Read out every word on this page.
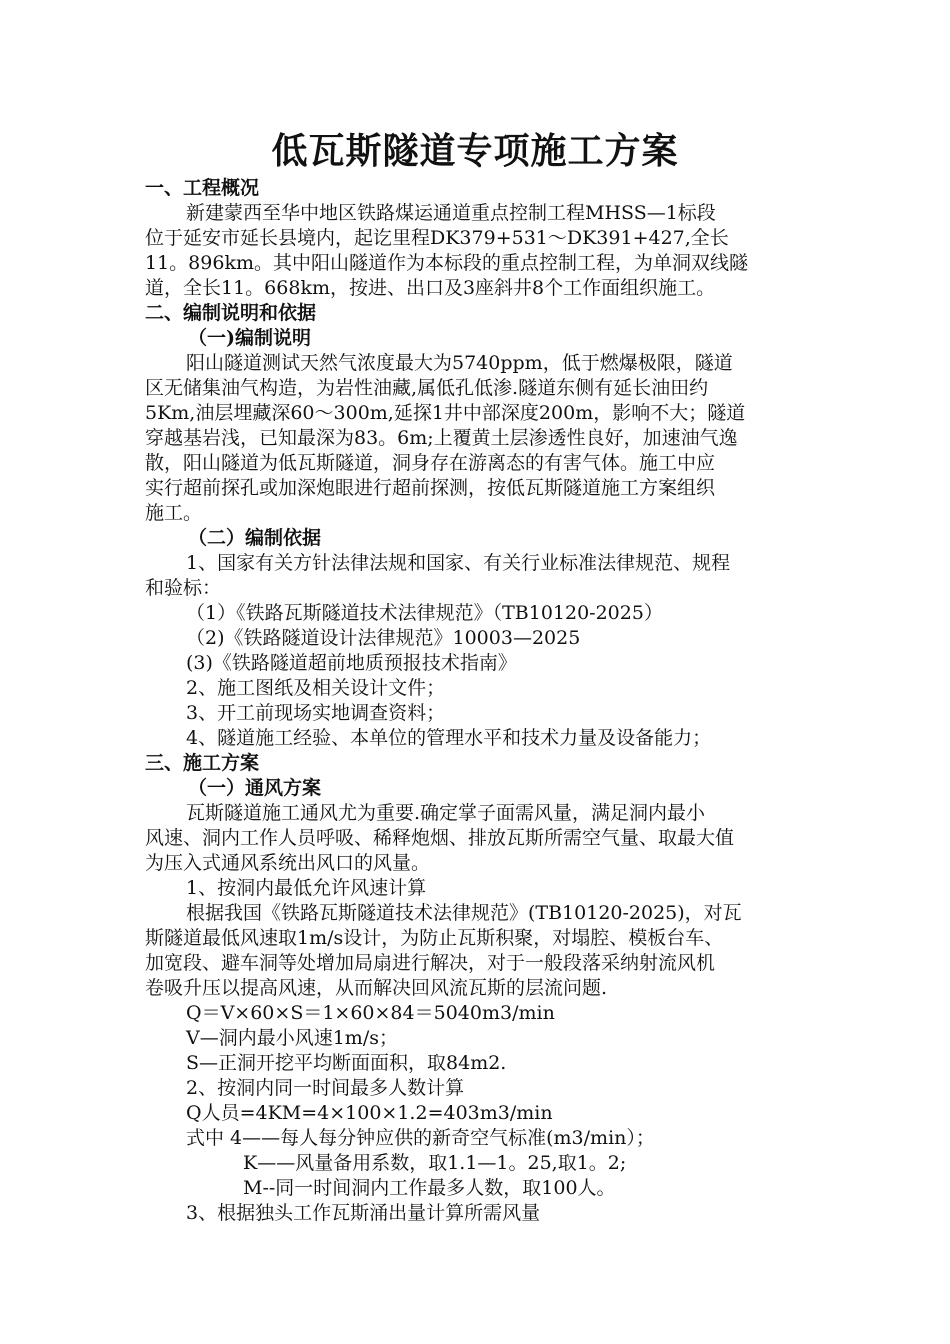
低瓦斯隧道专项施工方案
一、工程概况
新建蒙西至华中地区铁路煤运通道重点控制工程MHSS—1标段
位于延安市延长县境内，起讫里程DK379+531～DK391+427,全长
11。896km。其中阳山隧道作为本标段的重点控制工程，为单洞双线隧
道，全长11。668km，按进、出口及3座斜井8个工作面组织施工。
二、编制说明和依据
（一)编制说明
阳山隧道测试天然气浓度最大为5740ppm，低于燃爆极限，隧道
区无储集油气构造，为岩性油藏,属低孔低渗.隧道东侧有延长油田约
5Km,油层埋藏深60～300m,延探1井中部深度200m，影响不大；隧道
穿越基岩浅，已知最深为83。6m;上覆黄土层渗透性良好，加速油气逸
散，阳山隧道为低瓦斯隧道，洞身存在游离态的有害气体。施工中应
实行超前探孔或加深炮眼进行超前探测，按低瓦斯隧道施工方案组织
施工。
（二）编制依据
1、国家有关方针法律法规和国家、有关行业标准法律规范、规程
和验标：
（1）《铁路瓦斯隧道技术法律规范》（TB10120-2025）
（2)《铁路隧道设计法律规范》10003—2025
(3)《铁路隧道超前地质预报技术指南》
2、施工图纸及相关设计文件；
3、开工前现场实地调查资料；
4、隧道施工经验、本单位的管理水平和技术力量及设备能力；
三、施工方案
（一）通风方案
瓦斯隧道施工通风尤为重要.确定掌子面需风量，满足洞内最小
风速、洞内工作人员呼吸、稀释炮烟、排放瓦斯所需空气量、取最大值
为压入式通风系统出风口的风量。
1、按洞内最低允许风速计算
根据我国《铁路瓦斯隧道技术法律规范》(TB10120-2025)，对瓦
斯隧道最低风速取1m/s设计，为防止瓦斯积聚，对塌腔、模板台车、
加宽段、避车洞等处增加局扇进行解决，对于一般段落采纳射流风机
卷吸升压以提高风速，从而解决回风流瓦斯的层流问题.
Q＝V×60×S＝1×60×84＝5040m3/min
V—洞内最小风速1m/s；
S—正洞开挖平均断面面积，取84m2.
2、按洞内同一时间最多人数计算
Q人员=4KM=4×100×1.2=403m3/min
式中 4——每人每分钟应供的新奇空气标准(m3/min）；
K——风量备用系数，取1.1—1。25,取1。2;
M--同一时间洞内工作最多人数，取100人。
3、根据独头工作瓦斯涌出量计算所需风量
